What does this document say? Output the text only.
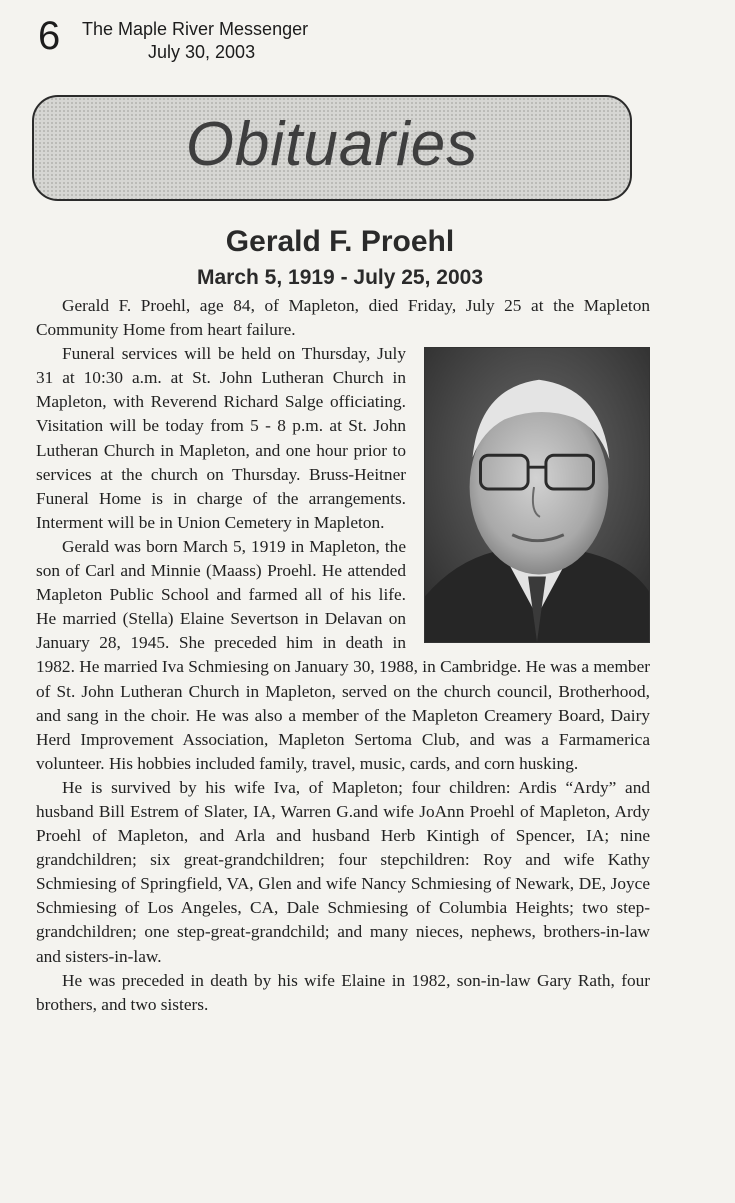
6 The Maple River Messenger
July 30, 2003
Obituaries
Gerald F. Proehl
March 5, 1919 - July 25, 2003

Gerald F. Proehl, age 84, of Mapleton, died Friday, July 25 at the Mapleton Community Home from heart failure.

Funeral services will be held on Thursday, July 31 at 10:30 a.m. at St. John Lutheran Church in Mapleton, with Reverend Richard Salge officiating. Visitation will be today from 5 - 8 p.m. at St. John Lutheran Church in Mapleton, and one hour prior to services at the church on Thursday. Bruss-Heitner Funeral Home is in charge of the arrangements. Interment will be in Union Cemetery in Mapleton.

Gerald was born March 5, 1919 in Mapleton, the son of Carl and Minnie (Maass) Proehl. He attended Mapleton Public School and farmed all of his life. He married (Stella) Elaine Severtson in Delavan on January 28, 1945. She preceded him in death in 1982. He married Iva Schmiesing on January 30, 1988, in Cambridge. He was a member of St. John Lutheran Church in Mapleton, served on the church council, Brotherhood, and sang in the choir. He was also a member of the Mapleton Creamery Board, Dairy Herd Improvement Association, Mapleton Sertoma Club, and was a Farmamerica volunteer. His hobbies included family, travel, music, cards, and corn husking.

He is survived by his wife Iva, of Mapleton; four children: Ardis “Ardy” and husband Bill Estrem of Slater, IA, Warren G.and wife JoAnn Proehl of Mapleton, Ardy Proehl of Mapleton, and Arla and husband Herb Kintigh of Spencer, IA; nine grandchildren; six great-grandchildren; four stepchildren: Roy and wife Kathy Schmiesing of Springfield, VA, Glen and wife Nancy Schmiesing of Newark, DE, Joyce Schmiesing of Los Angeles, CA, Dale Schmiesing of Columbia Heights; two step-grandchildren; one step-great-grandchild; and many nieces, nephews, brothers-in-law and sisters-in-law.

He was preceded in death by his wife Elaine in 1982, son-in-law Gary Rath, four brothers, and two sisters.
